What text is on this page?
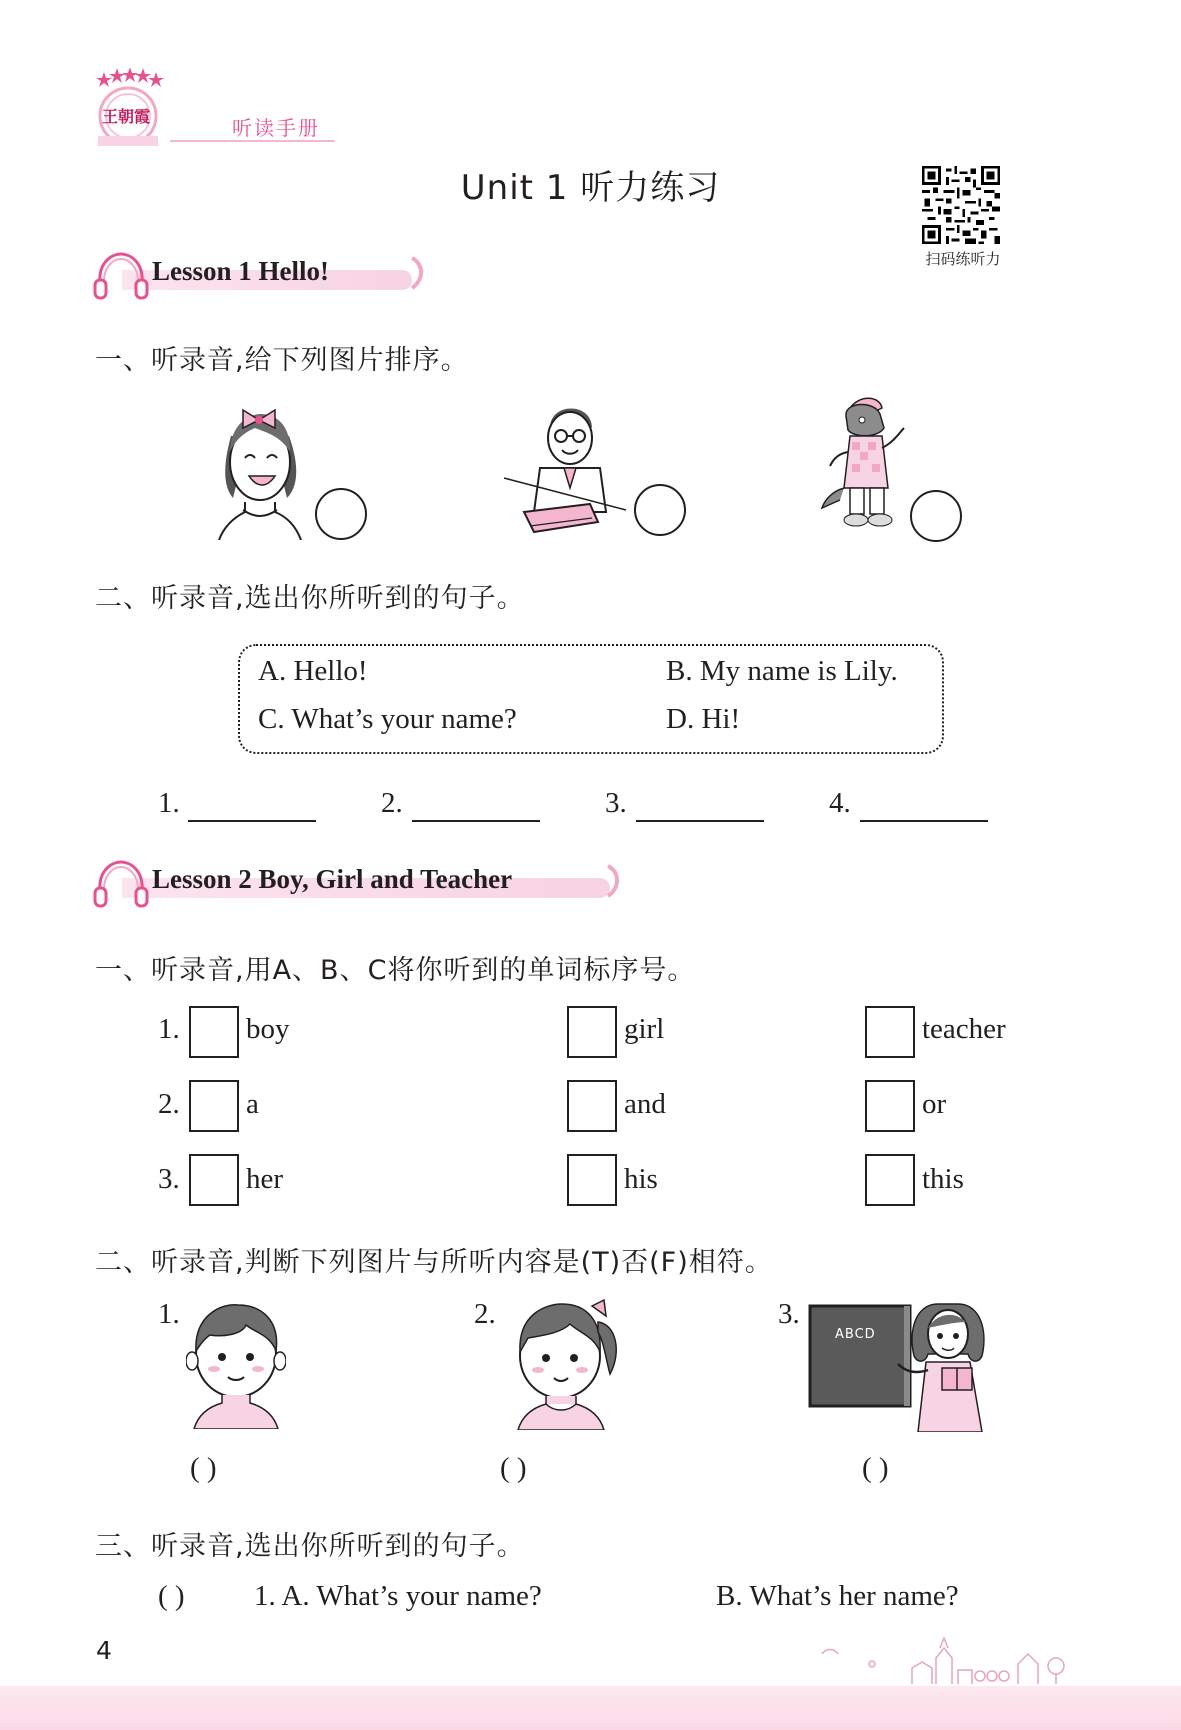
王朝霞	听读手册
Unit 1 听力练习
扫码练听力
Lesson 1 Hello!
一、听录音,给下列图片排序。
二、听录音,选出你所听到的句子。
A. Hello!	B. My name is Lily.
C. What’s your name?	D. Hi!
1.	2.	3.	4.
Lesson 2 Boy, Girl and Teacher
一、听录音,用A、B、C将你听到的单词标序号。
1. boy	girl	teacher
2. a	and	or
3. her	his	this
二、听录音,判断下列图片与所听内容是(T)否(F)相符。
1.
( )
2.
( )
3.
ABCD
( )
三、听录音,选出你所听到的句子。
( ) 1. A. What’s your name?	B. What’s her name?
4
